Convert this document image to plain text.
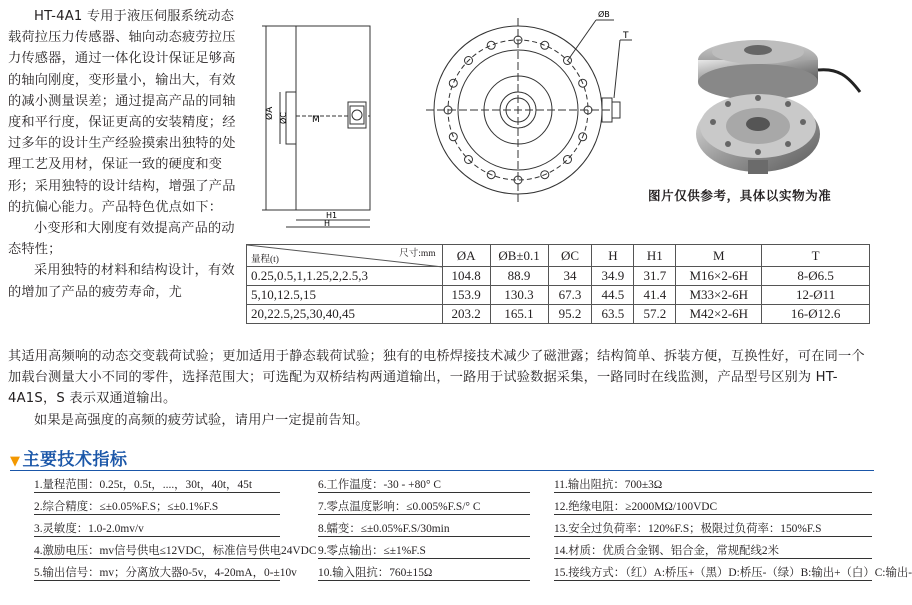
HT-4A1 专用于液压伺服系统动态载荷拉压力传感器、轴向动态疲劳拉压力传感器，通过一体化设计保证足够高的轴向刚度，变形量小，输出大，有效的减小测量误差；通过提高产品的同轴度和平行度，保证更高的安装精度；经过多年的设计生产经验摸索出独特的处理工艺及用材，保证一致的硬度和变形；采用独特的设计结构，增强了产品的抗偏心能力。产品特色优点如下：

小变形和大刚度有效提高产品的动态特性；

采用独特的材料和结构设计，有效的增加了产品的疲劳寿命，尤

其适用高频响的动态交变载荷试验；更加适用于静态载荷试验；独有的电桥焊接技术减少了磁泄露；结构简单、拆装方便，互换性好，可在同一个加载台测量大小不同的零件，选择范围大；可选配为双桥结构两通道输出，一路用于试验数据采集，一路同时在线监测，产品型号区别为 HT-4A1S，S 表示双通道输出。

如果是高强度的高频的疲劳试验，请用户一定提前告知。

ØA ØC	M
H1
H
ØB
T
图片仅供参考，具体以实物为准
尺寸:mm
量程(t)	ØA	ØB±0.1	ØC	H	H1	M	T
0.25,0.5,1,1.25,2,2.5,3	104.8	88.9	34	34.9	31.7	M16×2-6H	8-Ø6.5
5,10,12.5,15	153.9	130.3	67.3	44.5	41.4	M33×2-6H	12-Ø11
20,22.5,25,30,40,45	203.2	165.1	95.2	63.5	57.2	M42×2-6H	16-Ø12.6
▼ 主要技术指标
1.量程范围：0.25t，0.5t，....，30t，40t，45t
2.综合精度：≤±0.05%F.S；≤±0.1%F.S
3.灵敏度：1.0-2.0mv/v
4.激励电压：mv信号供电≤12VDC，标准信号供电24VDC
5.输出信号：mv；分离放大器0-5v，4-20mA，0-±10v
6.工作温度：-30 - +80° C
7.零点温度影响：≤0.005%F.S/° C
8.蠕变：≤±0.05%F.S/30min
9.零点输出：≤±1%F.S
10.输入阻抗：760±15Ω
11.输出阻抗：700±3Ω
12.绝缘电阻：≥2000MΩ/100VDC
13.安全过负荷率：120%F.S；极限过负荷率：150%F.S
14.材质：优质合金钢、铝合金，常规配线2米
15.接线方式：（红）A:桥压+（黑）D:桥压-（绿）B:输出+（白）C:输出-
